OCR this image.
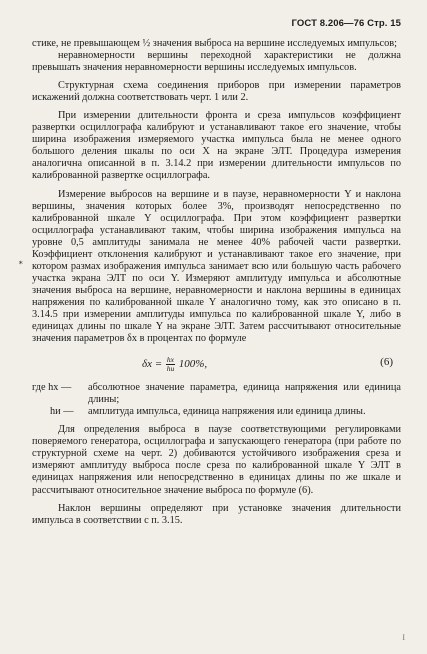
ГОСТ 8.206—76 Стр. 15

стике, не превышающем ½ значения выброса на вершине исследуемых импульсов;

неравномерности вершины переходной характеристики не должна превышать значения неравномерности вершины исследуемых импульсов.

Структурная схема соединения приборов при измерении параметров искажений должна соответствовать черт. 1 или 2.

При измерении длительности фронта и среза импульсов коэффициент развертки осциллографа калибруют и устанавливают такое его значение, чтобы ширина изображения измеряемого участка импульса была не менее одного большого деления шкалы по оси X на экране ЭЛТ. Процедура измерения аналогична описанной в п. 3.14.2 при измерении длительности импульсов по калиброванной развертке осциллографа.

Измерение выбросов на вершине и в паузе, неравномерности Y и наклона вершины, значения которых более 3%, производят непосредственно по калиброванной шкале Y осциллографа. При этом коэффициент развертки осциллографа устанавливают таким, чтобы ширина изображения импульса на уровне 0,5 амплитуды занимала не менее 40% рабочей части развертки. Коэффициент отклонения калибруют и устанавливают такое его значение, при котором размах изображения импульса занимает всю или большую часть рабочего участка экрана ЭЛТ по оси Y. Измеряют амплитуду импульса и абсолютные значения выброса на вершине, неравномерности и наклона вершины в единицах напряжения по калиброванной шкале Y аналогично тому, как это описано в п. 3.14.5 при измерении амплитуды импульса по калиброванной шкале Y, либо в единицах длины по шкале Y на экране ЭЛТ. Затем рассчитывают относительные значения параметров δx в процентах по формуле

$\delta x = \frac{hx}{hи} 100\%$,	(6)
где hx —	абсолютное значение параметра, единица напряжения или единица длины;
hи —	амплитуда импульса, единица напряжения или единица длины.

Для определения выброса в паузе соответствующими регулировками поверяемого генератора, осциллографа и запускающего генератора (при работе по структурной схеме на черт. 2) добиваются устойчивого изображения среза и измеряют амплитуду выброса после среза по калиброванной шкале Y ЭЛТ в единицах напряжения или непосредственно в единицах длины по же шкале и рассчитывают относительное значение выброса по формуле (6).

Наклон вершины определяют при установке значения длительности импульса в соответствии с п. 3.15.

∗
I
